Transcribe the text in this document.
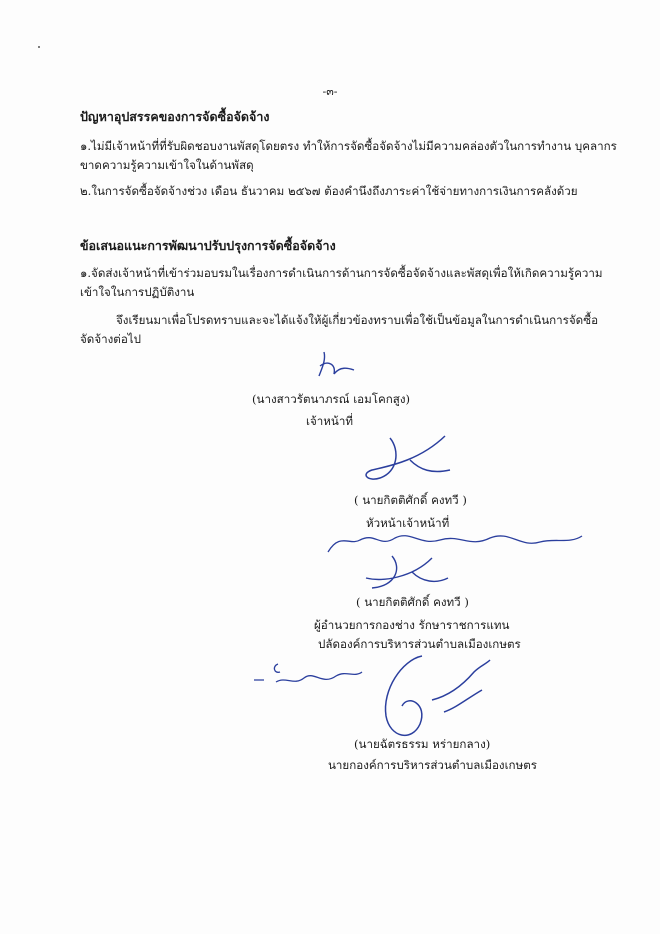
-๓-
ปัญหาอุปสรรคของการจัดซื้อจัดจ้าง
๑.ไม่มีเจ้าหน้าที่ที่รับผิดชอบงานพัสดุโดยตรง ทำให้การจัดซื้อจัดจ้างไม่มีความคล่องตัวในการทำงาน บุคลากร
ขาดความรู้ความเข้าใจในด้านพัสดุ
๒.ในการจัดซื้อจัดจ้างช่วง เดือน ธันวาคม ๒๕๖๗ ต้องคำนึงถึงภาระค่าใช้จ่ายทางการเงินการคลังด้วย
ข้อเสนอแนะการพัฒนาปรับปรุงการจัดซื้อจัดจ้าง
๑.จัดส่งเจ้าหน้าที่เข้าร่วมอบรมในเรื่องการดำเนินการด้านการจัดซื้อจัดจ้างและพัสดุเพื่อให้เกิดความรู้ความ
เข้าใจในการปฏิบัติงาน
จึงเรียนมาเพื่อโปรดทราบและจะได้แจ้งให้ผู้เกี่ยวข้องทราบเพื่อใช้เป็นข้อมูลในการดำเนินการจัดซื้อ
จัดจ้างต่อไป
(นางสาวรัตนาภรณ์ เอมโคกสูง)
เจ้าหน้าที่
( นายกิตติศักดิ์ คงทวี )
หัวหน้าเจ้าหน้าที่
( นายกิตติศักดิ์ คงทวี )
ผู้อำนวยการกองช่าง รักษาราชการแทน
ปลัดองค์การบริหารส่วนตำบลเมืองเกษตร
(นายฉัตรธรรม หร่ายกลาง)
นายกองค์การบริหารส่วนตำบลเมืองเกษตร
